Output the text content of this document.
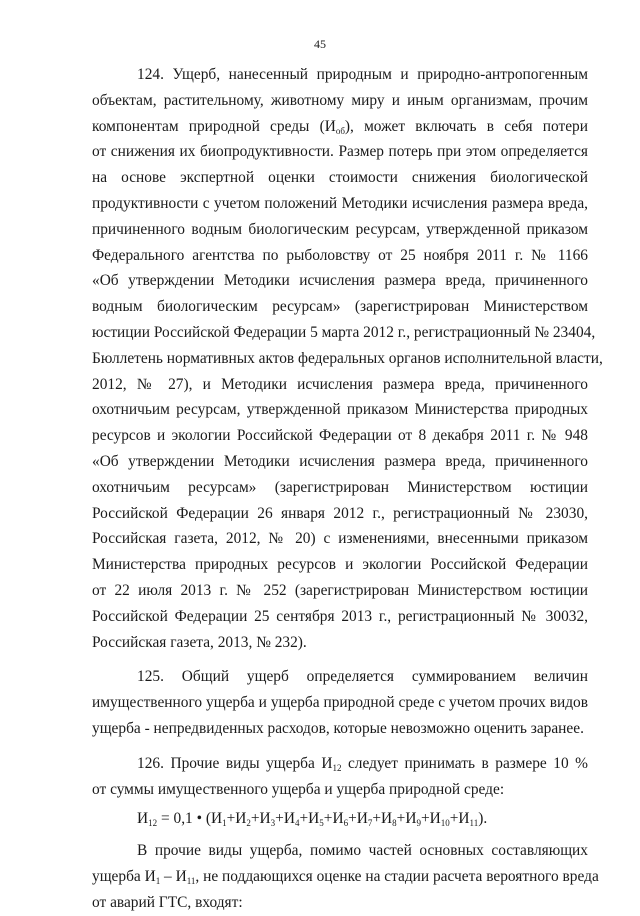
45
124. Ущерб, нанесенный природным и природно-антропогенным
объектам, растительному, животному миру и иным организмам, прочим
компонентам природной среды $(И_{об})$, может включать в себя потери
от снижения их биопродуктивности. Размер потерь при этом определяется
на основе экспертной оценки стоимости снижения биологической
продуктивности с учетом положений Методики исчисления размера вреда,
причиненного водным биологическим ресурсам, утвержденной приказом
Федерального агентства по рыболовству от 25 ноября 2011 г. № 1166
«Об утверждении Методики исчисления размера вреда, причиненного
водным биологическим ресурсам» (зарегистрирован Министерством
юстиции Российской Федерации 5 марта 2012 г., регистрационный № 23404,
Бюллетень нормативных актов федеральных органов исполнительной власти,
2012, № 27), и Методики исчисления размера вреда, причиненного
охотничьим ресурсам, утвержденной приказом Министерства природных
ресурсов и экологии Российской Федерации от 8 декабря 2011 г. № 948
«Об утверждении Методики исчисления размера вреда, причиненного
охотничьим ресурсам» (зарегистрирован Министерством юстиции
Российской Федерации 26 января 2012 г., регистрационный № 23030,
Российская газета, 2012, № 20) с изменениями, внесенными приказом
Министерства природных ресурсов и экологии Российской Федерации
от 22 июля 2013 г. № 252 (зарегистрирован Министерством юстиции
Российской Федерации 25 сентября 2013 г., регистрационный № 30032,
Российская газета, 2013, № 232).
125. Общий ущерб определяется суммированием величин
имущественного ущерба и ущерба природной среде с учетом прочих видов
ущерба - непредвиденных расходов, которые невозможно оценить заранее.
126. Прочие виды ущерба $И_{12}$ следует принимать в размере 10 %
от суммы имущественного ущерба и ущерба природной среде:

$И_{12} = 0,1$ • $(И_1+И_2+И_3+И_4+И_5+И_6+И_7+И_8+И_9+И_{10}+И_{11})$.

В прочие виды ущерба, помимо частей основных составляющих
ущерба $И_1 - И_{11}$, не поддающихся оценке на стадии расчета вероятного вреда
от аварий ГТС, входят:
